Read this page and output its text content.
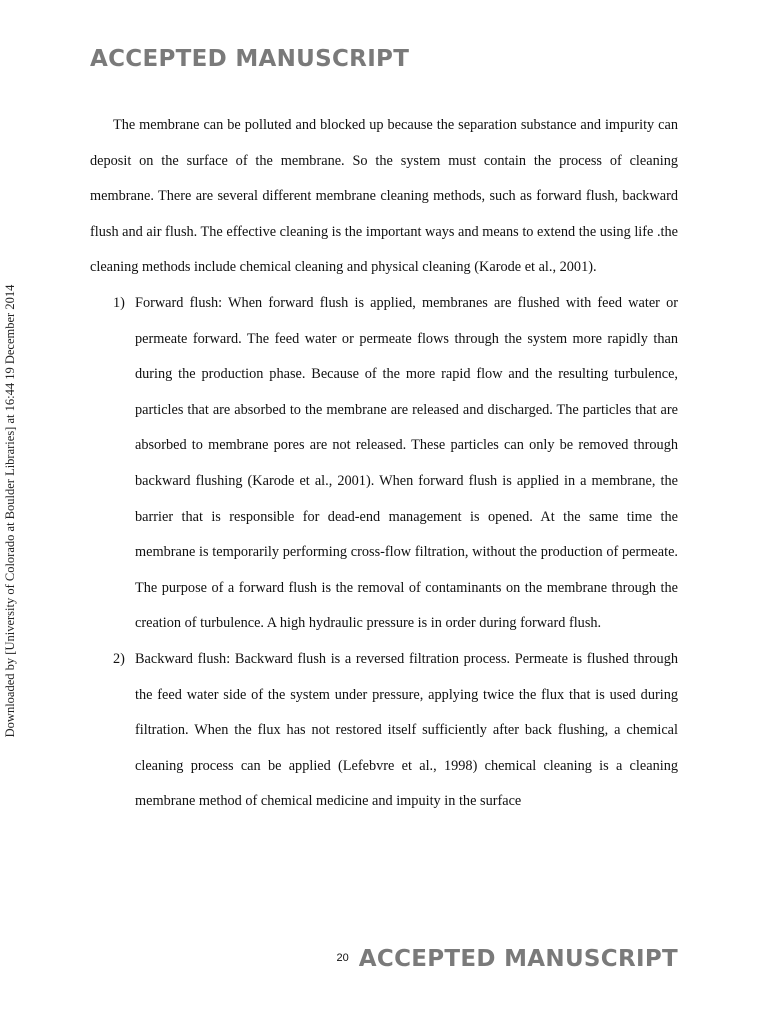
ACCEPTED MANUSCRIPT
Downloaded by [University of Colorado at Boulder Libraries] at 16:44 19 December 2014

The membrane can be polluted and blocked up because the separation substance and impurity can deposit on the surface of the membrane. So the system must contain the process of cleaning membrane. There are several different membrane cleaning methods, such as forward flush, backward flush and air flush. The effective cleaning is the important ways and means to extend the using life .the cleaning methods include chemical cleaning and physical cleaning (Karode et al., 2001).

1) Forward flush: When forward flush is applied, membranes are flushed with feed water or permeate forward. The feed water or permeate flows through the system more rapidly than during the production phase. Because of the more rapid flow and the resulting turbulence, particles that are absorbed to the membrane are released and discharged. The particles that are absorbed to membrane pores are not released. These particles can only be removed through backward flushing (Karode et al., 2001). When forward flush is applied in a membrane, the barrier that is responsible for dead-end management is opened. At the same time the membrane is temporarily performing cross-flow filtration, without the production of permeate. The purpose of a forward flush is the removal of contaminants on the membrane through the creation of turbulence. A high hydraulic pressure is in order during forward flush.
2) Backward flush: Backward flush is a reversed filtration process. Permeate is flushed through the feed water side of the system under pressure, applying twice the flux that is used during filtration. When the flux has not restored itself sufficiently after back flushing, a chemical cleaning process can be applied (Lefebvre et al., 1998) chemical cleaning is a cleaning membrane method of chemical medicine and impuity in the surface
$^{20}$ ACCEPTED MANUSCRIPT
